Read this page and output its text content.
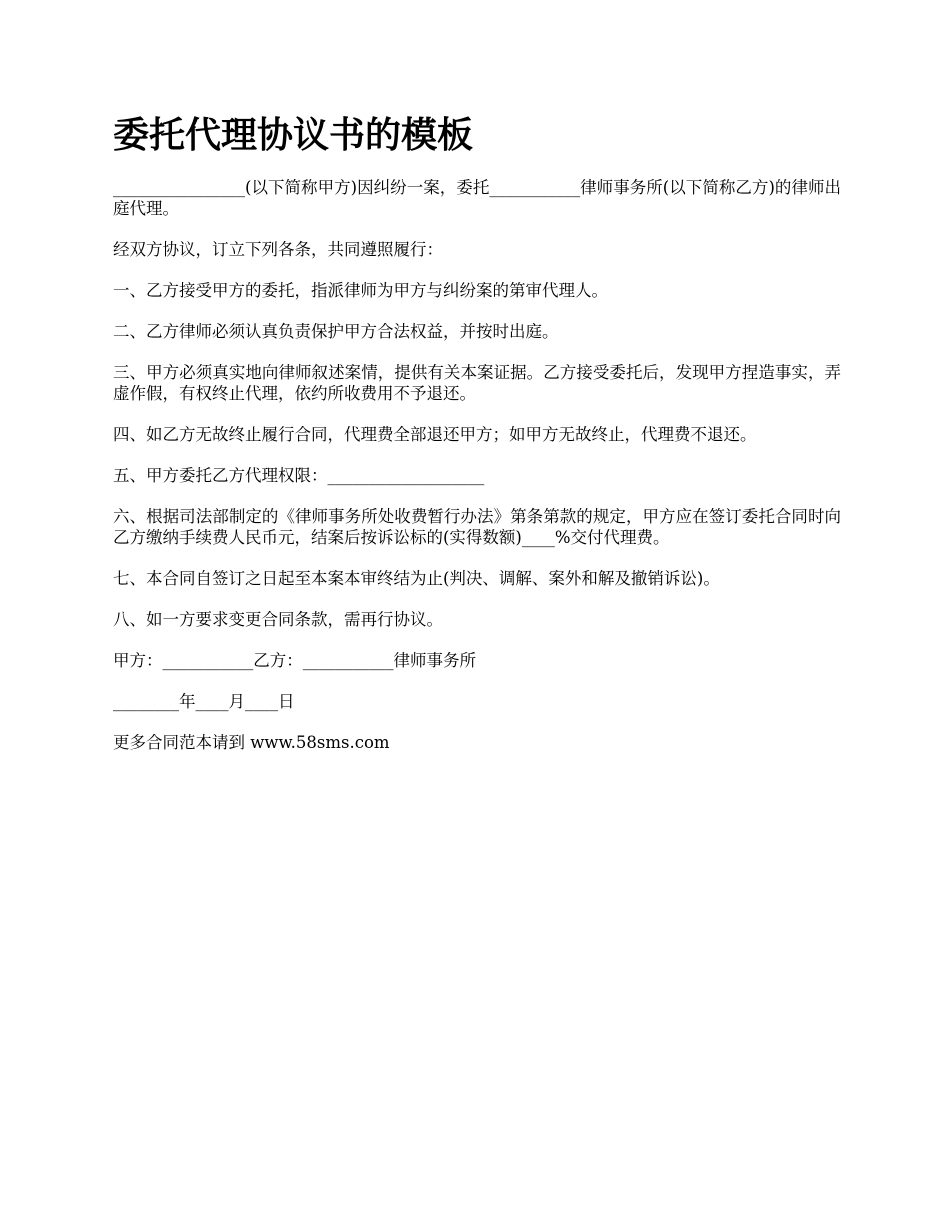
委托代理协议书的模板

________________(以下简称甲方)因纠纷一案，委托___________律师事务所(以下简称乙方)的律师出庭代理。

经双方协议，订立下列各条，共同遵照履行：

一、乙方接受甲方的委托，指派律师为甲方与纠纷案的第审代理人。

二、乙方律师必须认真负责保护甲方合法权益，并按时出庭。

三、甲方必须真实地向律师叙述案情，提供有关本案证据。乙方接受委托后，发现甲方捏造事实，弄虚作假，有权终止代理，依约所收费用不予退还。

四、如乙方无故终止履行合同，代理费全部退还甲方；如甲方无故终止，代理费不退还。

五、甲方委托乙方代理权限：___________________

六、根据司法部制定的《律师事务所处收费暂行办法》第条第款的规定，甲方应在签订委托合同时向乙方缴纳手续费人民币元，结案后按诉讼标的(实得数额)____%交付代理费。

七、本合同自签订之日起至本案本审终结为止(判决、调解、案外和解及撤销诉讼)。

八、如一方要求变更合同条款，需再行协议。

甲方：___________乙方：___________律师事务所

________年____月____日

更多合同范本请到 www.58sms.com
